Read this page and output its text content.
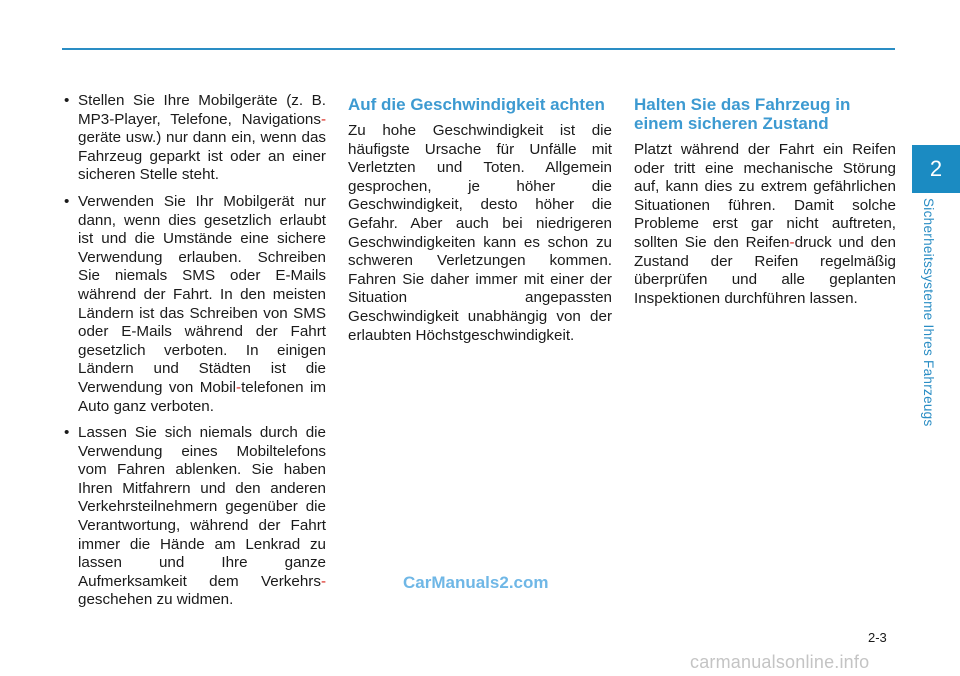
• Stellen Sie Ihre Mobilgeräte (z. B. MP3-Player, Telefone, Navigations-geräte usw.) nur dann ein, wenn das Fahrzeug geparkt ist oder an einer sicheren Stelle steht.
• Verwenden Sie Ihr Mobilgerät nur dann, wenn dies gesetzlich erlaubt ist und die Umstände eine sichere Verwendung erlauben. Schreiben Sie niemals SMS oder E-Mails während der Fahrt. In den meisten Ländern ist das Schreiben von SMS oder E-Mails während der Fahrt gesetzlich verboten. In einigen Ländern und Städten ist die Verwendung von Mobil-telefonen im Auto ganz verboten.
• Lassen Sie sich niemals durch die Verwendung eines Mobiltelefons vom Fahren ablenken. Sie haben Ihren Mitfahrern und den anderen Verkehrsteilnehmern gegenüber die Verantwortung, während der Fahrt immer die Hände am Lenkrad zu lassen und Ihre ganze Aufmerksamkeit dem Verkehrs-geschehen zu widmen.
Auf die Geschwindigkeit achten

Zu hohe Geschwindigkeit ist die häufigste Ursache für Unfälle mit Verletzten und Toten. Allgemein gesprochen, je höher die Geschwindigkeit, desto höher die Gefahr. Aber auch bei niedrigeren Geschwindigkeiten kann es schon zu schweren Verletzungen kommen. Fahren Sie daher immer mit einer der Situation angepassten Geschwindigkeit unabhängig von der erlaubten Höchstgeschwindigkeit.

Halten Sie das Fahrzeug in einem sicheren Zustand

Platzt während der Fahrt ein Reifen oder tritt eine mechanische Störung auf, kann dies zu extrem gefährlichen Situationen führen. Damit solche Probleme erst gar nicht auftreten, sollten Sie den Reifen-druck und den Zustand der Reifen regelmäßig überprüfen und alle geplanten Inspektionen durchführen lassen.

2
Sicherheitssysteme Ihres Fahrzeugs
CarManuals2.com
2-3
carmanualsonline.info
